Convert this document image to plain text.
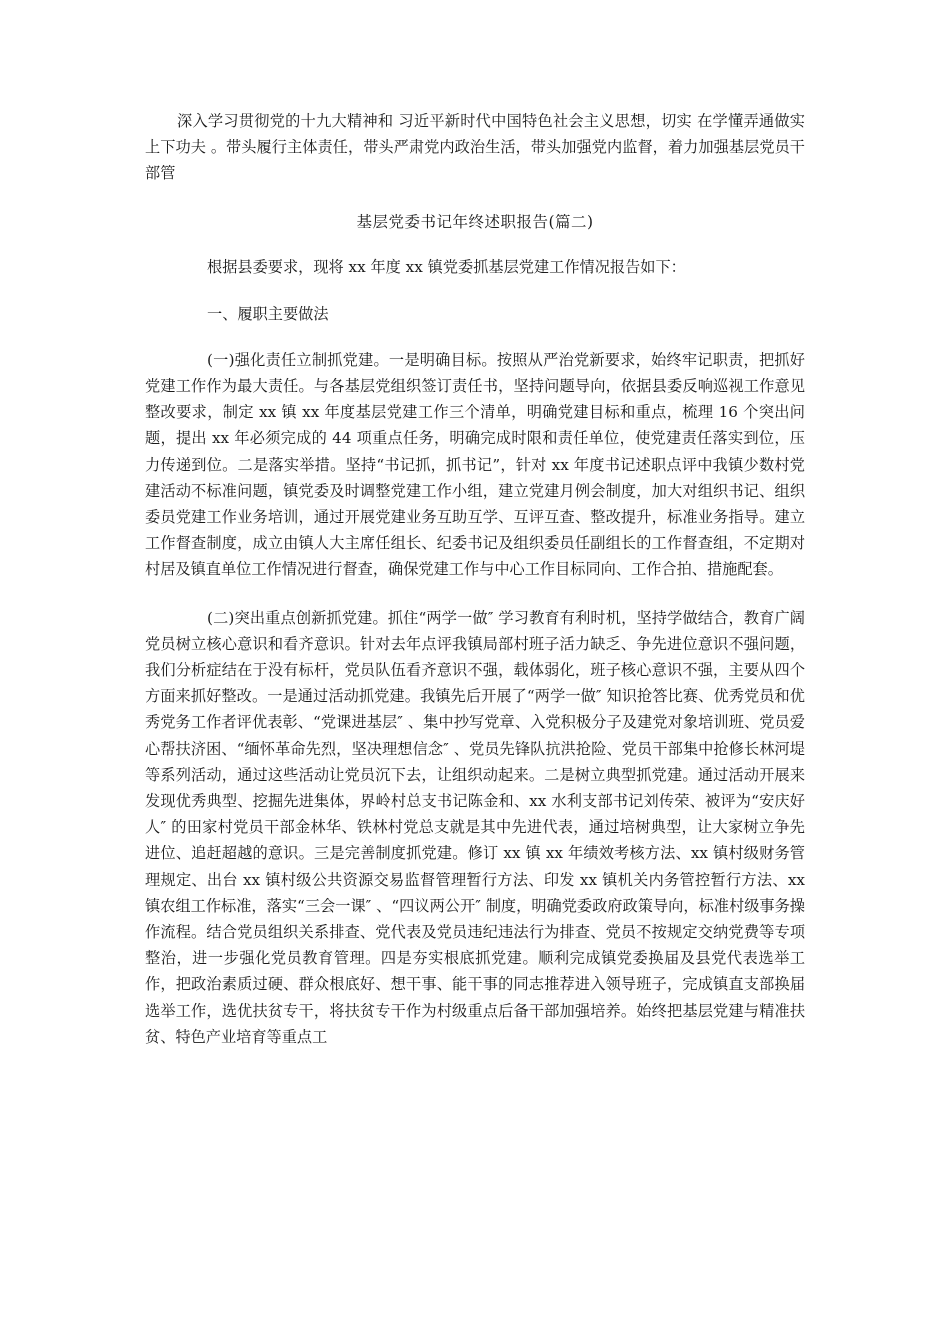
深入学习贯彻党的十九大精神和 习近平新时代中国特色社会主义思想，切实 在学懂弄通做实上下功夫 。带头履行主体责任，带头严肃党内政治生活，带头加强党内监督，着力加强基层党员干部管

基层党委书记年终述职报告(篇二)

根据县委要求，现将 xx 年度 xx 镇党委抓基层党建工作情况报告如下：

一、履职主要做法

(一)强化责任立制抓党建。一是明确目标。按照从严治党新要求，始终牢记职责，把抓好党建工作作为最大责任。与各基层党组织签订责任书，坚持问题导向，依据县委反响巡视工作意见整改要求，制定 xx 镇 xx 年度基层党建工作三个清单，明确党建目标和重点，梳理 16 个突出问题，提出 xx 年必须完成的 44 项重点任务，明确完成时限和责任单位，使党建责任落实到位，压力传递到位。二是落实举措。坚持“书记抓，抓书记”，针对 xx 年度书记述职点评中我镇少数村党建活动不标准问题，镇党委及时调整党建工作小组，建立党建月例会制度，加大对组织书记、组织委员党建工作业务培训，通过开展党建业务互助互学、互评互查、整改提升，标准业务指导。建立工作督查制度，成立由镇人大主席任组长、纪委书记及组织委员任副组长的工作督查组，不定期对村居及镇直单位工作情况进行督查，确保党建工作与中心工作目标同向、工作合拍、措施配套。

(二)突出重点创新抓党建。抓住“两学一做″ 学习教育有利时机，坚持学做结合，教育广阔党员树立核心意识和看齐意识。针对去年点评我镇局部村班子活力缺乏、争先进位意识不强问题，我们分析症结在于没有标杆，党员队伍看齐意识不强，载体弱化，班子核心意识不强，主要从四个方面来抓好整改。一是通过活动抓党建。我镇先后开展了“两学一做″ 知识抢答比赛、优秀党员和优秀党务工作者评优表彰、“党课进基层″ 、集中抄写党章、入党积极分子及建党对象培训班、党员爱心帮扶济困、“缅怀革命先烈，坚决理想信念″ 、党员先锋队抗洪抢险、党员干部集中抢修长林河堤等系列活动，通过这些活动让党员沉下去，让组织动起来。二是树立典型抓党建。通过活动开展来发现优秀典型、挖掘先进集体，界岭村总支书记陈金和、xx 水利支部书记刘传荣、被评为“安庆好人″ 的田家村党员干部金林华、铁林村党总支就是其中先进代表，通过培树典型，让大家树立争先进位、追赶超越的意识。三是完善制度抓党建。修订 xx 镇 xx 年绩效考核方法、xx 镇村级财务管理规定、出台 xx 镇村级公共资源交易监督管理暂行方法、印发 xx 镇机关内务管控暂行方法、xx 镇农组工作标准，落实“三会一课″ 、“四议两公开″ 制度，明确党委政府政策导向，标准村级事务操作流程。结合党员组织关系排查、党代表及党员违纪违法行为排查、党员不按规定交纳党费等专项整治，进一步强化党员教育管理。四是夯实根底抓党建。顺利完成镇党委换届及县党代表选举工作，把政治素质过硬、群众根底好、想干事、能干事的同志推荐进入领导班子，完成镇直支部换届选举工作，选优扶贫专干，将扶贫专干作为村级重点后备干部加强培养。始终把基层党建与精准扶贫、特色产业培育等重点工
